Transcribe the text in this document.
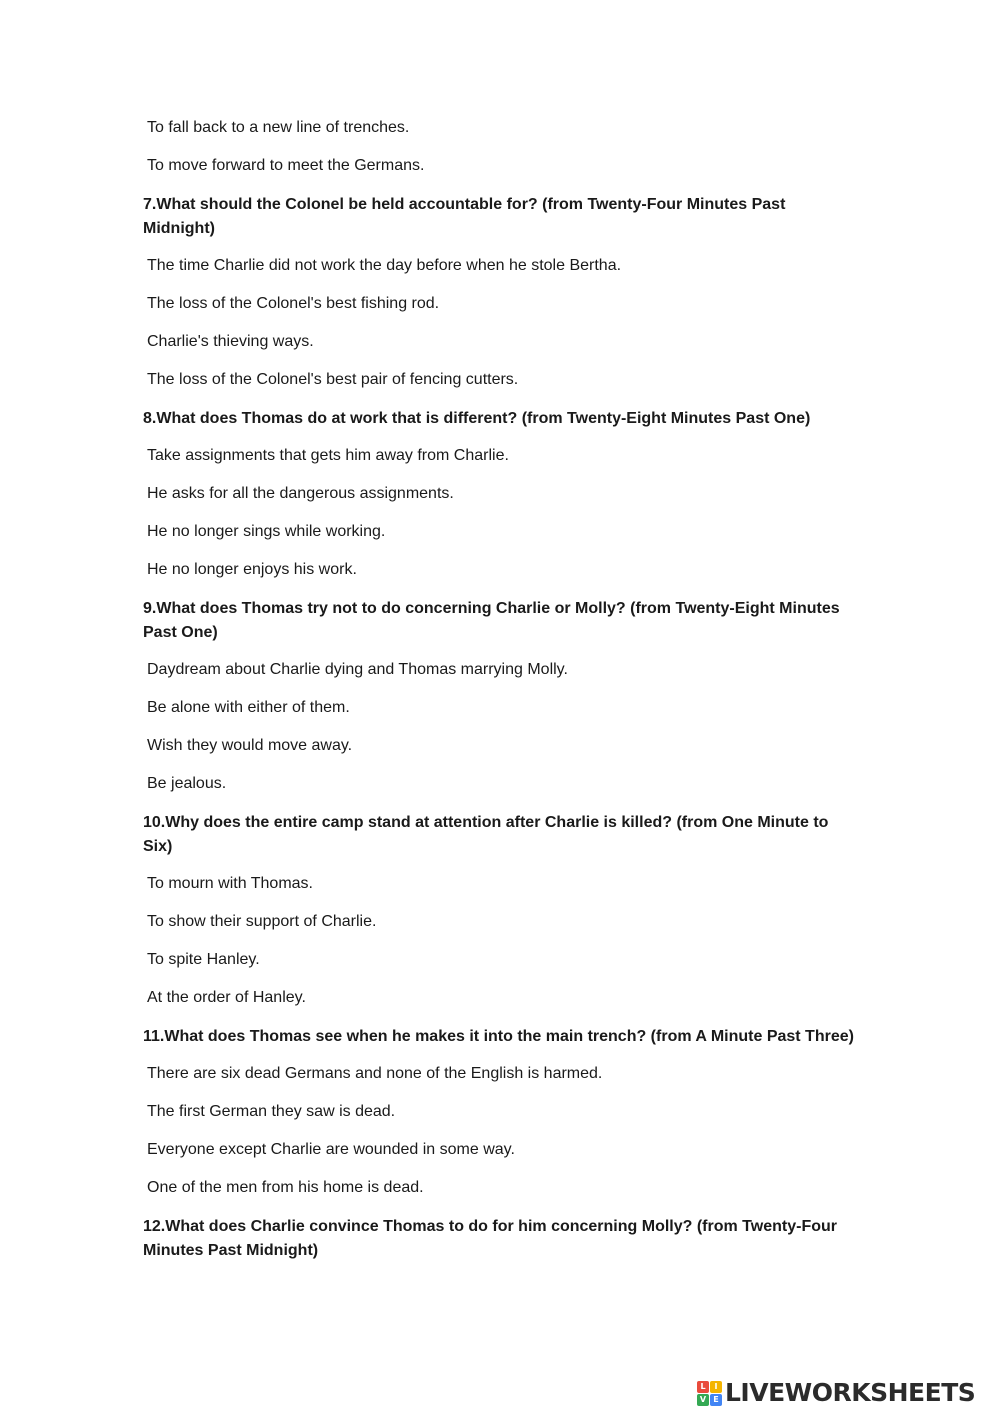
To fall back to a new line of trenches.

To move forward to meet the Germans.

7.What should the Colonel be held accountable for? (from Twenty-Four Minutes Past Midnight)

The time Charlie did not work the day before when he stole Bertha.

The loss of the Colonel's best fishing rod.

Charlie's thieving ways.

The loss of the Colonel's best pair of fencing cutters.

8.What does Thomas do at work that is different? (from Twenty-Eight Minutes Past One)

Take assignments that gets him away from Charlie.

He asks for all the dangerous assignments.

He no longer sings while working.

He no longer enjoys his work.

9.What does Thomas try not to do concerning Charlie or Molly? (from Twenty-Eight Minutes Past One)

Daydream about Charlie dying and Thomas marrying Molly.

Be alone with either of them.

Wish they would move away.

Be jealous.

10.Why does the entire camp stand at attention after Charlie is killed? (from One Minute to Six)

To mourn with Thomas.

To show their support of Charlie.

To spite Hanley.

At the order of Hanley.

11.What does Thomas see when he makes it into the main trench? (from A Minute Past Three)

There are six dead Germans and none of the English is harmed.

The first German they saw is dead.

Everyone except Charlie are wounded in some way.

One of the men from his home is dead.

12.What does Charlie convince Thomas to do for him concerning Molly? (from Twenty-Four Minutes Past Midnight)

L	I
V E LIVEWORKSHEETS
